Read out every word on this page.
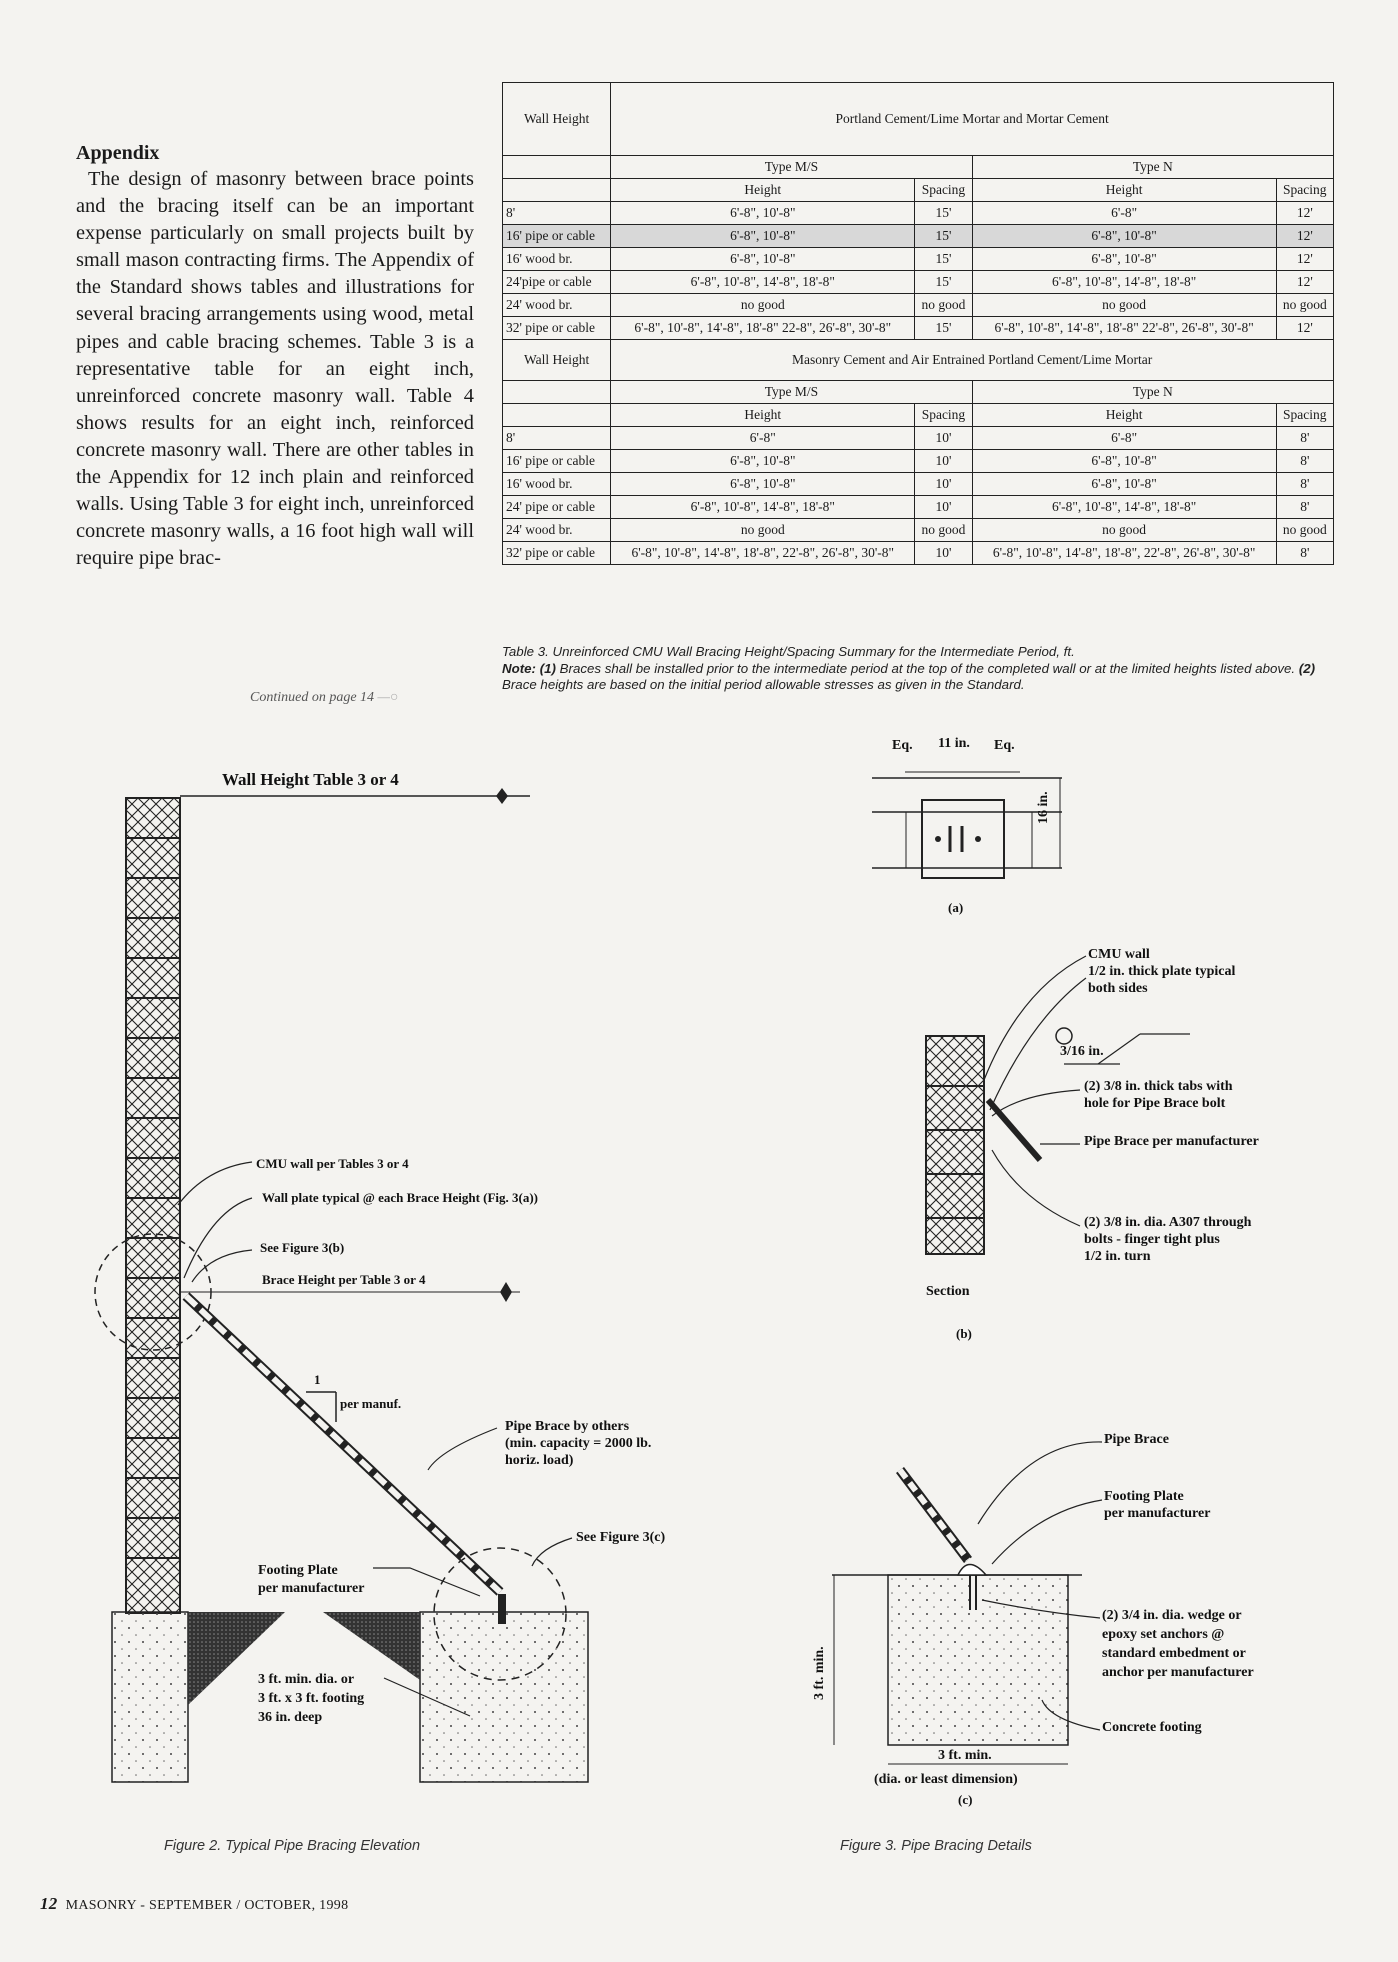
Appendix

The design of masonry between brace points and the bracing itself can be an important expense particularly on small projects built by small mason contracting firms. The Appendix of the Standard shows tables and illustrations for several bracing arrangements using wood, metal pipes and cable bracing schemes. Table 3 is a representative table for an eight inch, unreinforced concrete masonry wall. Table 4 shows results for an eight inch, reinforced concrete masonry wall. There are other tables in the Appendix for 12 inch plain and reinforced walls. Using Table 3 for eight inch, unreinforced concrete masonry walls, a 16 foot high wall will require pipe brac-

Continued on page 14 —○
Wall Height	Portland Cement/Lime Mortar and Mortar Cement			
	Type M/S		Type N	
	Height	Spacing	Height	Spacing
8'	6'-8", 10'-8"	15'	6'-8"	12'
16' pipe or cable	6'-8", 10'-8"	15'	6'-8", 10'-8"	12'
16' wood br.	6'-8", 10'-8"	15'	6'-8", 10'-8"	12'
24'pipe or cable	6'-8", 10'-8", 14'-8", 18'-8"	15'	6'-8", 10'-8", 14'-8", 18'-8"	12'
24' wood br.	no good	no good	no good	no good
32' pipe or cable	6'-8", 10'-8", 14'-8", 18'-8" 22-8", 26'-8", 30'-8"	15'	6'-8", 10'-8", 14'-8", 18'-8" 22'-8", 26'-8", 30'-8"	12'
Wall Height	Masonry Cement and Air Entrained Portland Cement/Lime Mortar			
	Type M/S		Type N	
	Height	Spacing	Height	Spacing
8'	6'-8"	10'	6'-8"	8'
16' pipe or cable	6'-8", 10'-8"	10'	6'-8", 10'-8"	8'
16' wood br.	6'-8", 10'-8"	10'	6'-8", 10'-8"	8'
24' pipe or cable	6'-8", 10'-8", 14'-8", 18'-8"	10'	6'-8", 10'-8", 14'-8", 18'-8"	8'
24' wood br.	no good	no good	no good	no good
32' pipe or cable	6'-8", 10'-8", 14'-8", 18'-8", 22'-8", 26'-8", 30'-8"	10'	6'-8", 10'-8", 14'-8", 18'-8", 22'-8", 26'-8", 30'-8"	8'
Table 3. Unreinforced CMU Wall Bracing Height/Spacing Summary for the Intermediate Period, ft.
Note: (1) Braces shall be installed prior to the intermediate period at the top of the completed wall or at the limited heights listed above. (2) Brace heights are based on the initial period allowable stresses as given in the Standard.
Wall Height Table 3 or 4
CMU wall per Tables 3 or 4
Wall plate typical @ each Brace Height (Fig. 3(a))
See Figure 3(b)
Brace Height per Table 3 or 4
1
per manuf.
Pipe Brace by others
(min. capacity = 2000 lb.
horiz. load)
See Figure 3(c)
Footing Plate
per manufacturer
3 ft. min. dia. or
3 ft. x 3 ft. footing
36 in. deep
Figure 2. Typical Pipe Bracing Elevation
Eq. 11 in. Eq.
16 in.
(a)
CMU wall
1/2 in. thick plate typical
both sides
3/16 in.
(2) 3/8 in. thick tabs with
hole for Pipe Brace bolt
Pipe Brace per manufacturer
(2) 3/8 in. dia. A307 through
bolts - finger tight plus
1/2 in. turn
Section
(b)
Pipe Brace
Footing Plate
per manufacturer
(2) 3/4 in. dia. wedge or
epoxy set anchors @
standard embedment or
anchor per manufacturer
Concrete footing
3 ft. min.
3 ft. min.
(dia. or least dimension)
(c)
Figure 3. Pipe Bracing Details
12 MASONRY - SEPTEMBER / OCTOBER, 1998
